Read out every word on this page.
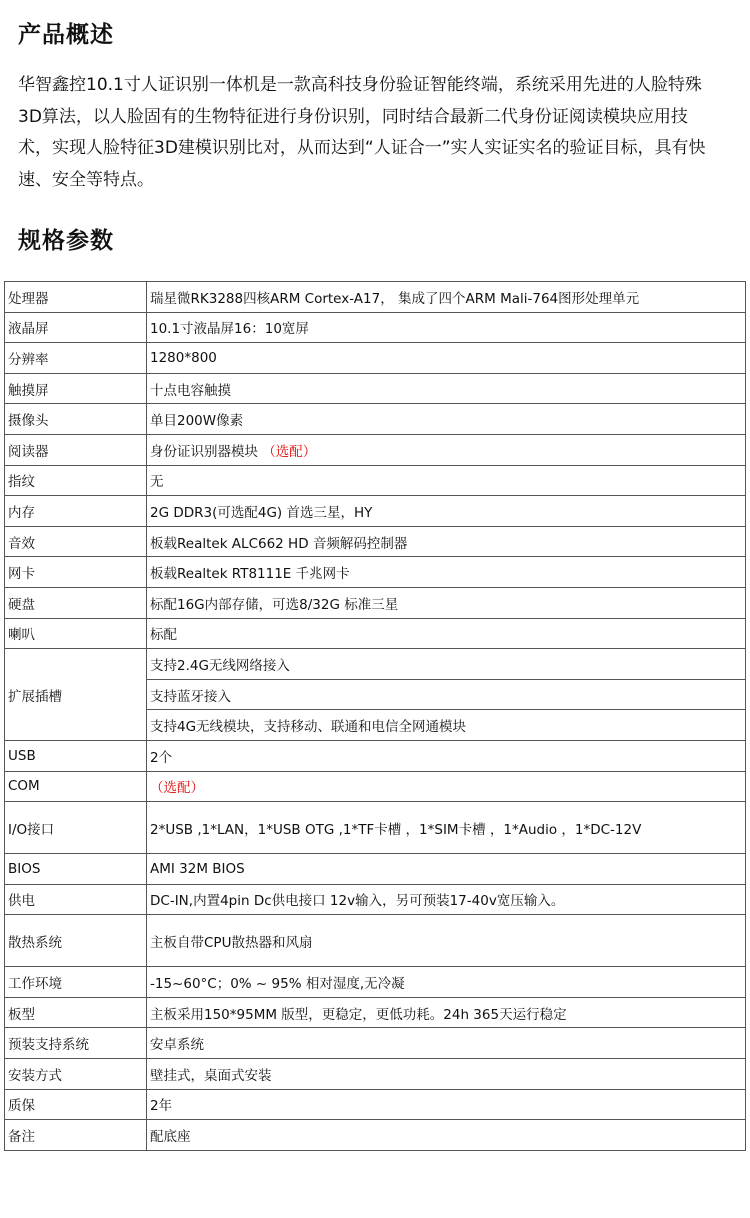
产品概述

华智鑫控10.1寸人证识别一体机是一款高科技身份验证智能终端，系统采用先进的人脸特殊3D算法，以人脸固有的生物特征进行身份识别，同时结合最新二代身份证阅读模块应用技术，实现人脸特征3D建模识别比对，从而达到“人证合一”实人实证实名的验证目标，具有快速、安全等特点。

规格参数
处理器	瑞星微RK3288四核ARM Cortex-A17， 集成了四个ARM Mali-764图形处理单元
液晶屏	10.1寸液晶屏16：10宽屏
分辨率	1280*800
触摸屏	十点电容触摸
摄像头	单目200W像素
阅读器	身份证识别器模块 （选配）
指纹	无
内存	2G DDR3(可选配4G) 首选三星，HY
音效	板载Realtek ALC662 HD 音频解码控制器
网卡	板载Realtek RT8111E 千兆网卡
硬盘	标配16G内部存储，可选8/32G 标准三星
喇叭	标配
扩展插槽	支持2.4G无线网络接入
	支持蓝牙接入
	支持4G无线模块，支持移动、联通和电信全网通模块
USB	2个
COM	（选配）
I/O接口	2*USB ,1*LAN，1*USB OTG ,1*TF卡槽 ，1*SIM卡槽 ，1*Audio ，1*DC-12V
BIOS	AMI 32M BIOS
供电	DC-IN,内置4pin Dc供电接口 12v输入，另可预装17-40v宽压输入。
散热系统	主板自带CPU散热器和风扇
工作环境	-15~60°C；0% ~ 95% 相对湿度,无冷凝
板型	主板采用150*95MM 版型，更稳定，更低功耗。24h 365天运行稳定
预装支持系统	安卓系统
安装方式	壁挂式，桌面式安装
质保	2年
备注	配底座
